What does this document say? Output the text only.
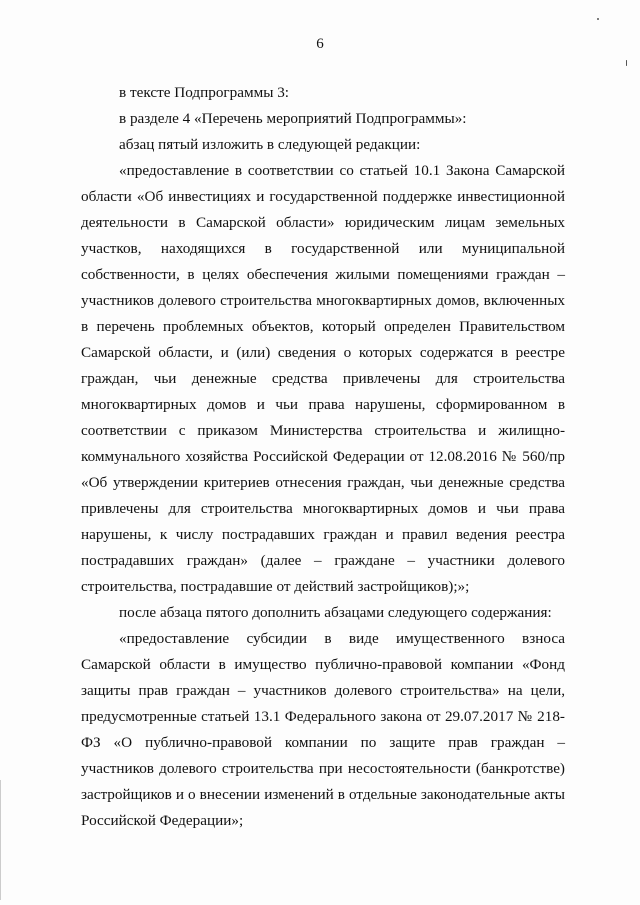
6

в тексте Подпрограммы 3:

в разделе 4 «Перечень мероприятий Подпрограммы»:

абзац пятый изложить в следующей редакции:

«предоставление в соответствии со статьей 10.1 Закона Самарской области «Об инвестициях и государственной поддержке инвестиционной деятельности в Самарской области» юридическим лицам земельных участков, находящихся в государственной или муниципальной собственности, в целях обеспечения жилыми помещениями граждан – участников долевого строительства многоквартирных домов, включенных в перечень проблемных объектов, который определен Правительством Самарской области, и (или) сведения о которых содержатся в реестре граждан, чьи денежные средства привлечены для строительства многоквартирных домов и чьи права нарушены, сформированном в соответствии с приказом Министерства строительства и жилищно-коммунального хозяйства Российской Федерации от 12.08.2016 № 560/пр «Об утверждении критериев отнесения граждан, чьи денежные средства привлечены для строительства многоквартирных домов и чьи права нарушены, к числу пострадавших граждан и правил ведения реестра пострадавших граждан» (далее – граждане – участники долевого строительства, пострадавшие от действий застройщиков);»;

после абзаца пятого дополнить абзацами следующего содержания:

«предоставление субсидии в виде имущественного взноса Самарской области в имущество публично-правовой компании «Фонд защиты прав граждан – участников долевого строительства» на цели, предусмотренные статьей 13.1 Федерального закона от 29.07.2017 № 218-ФЗ «О публично-правовой компании по защите прав граждан – участников долевого строительства при несостоятельности (банкротстве) застройщиков и о внесении изменений в отдельные законодательные акты Российской Федерации»;
